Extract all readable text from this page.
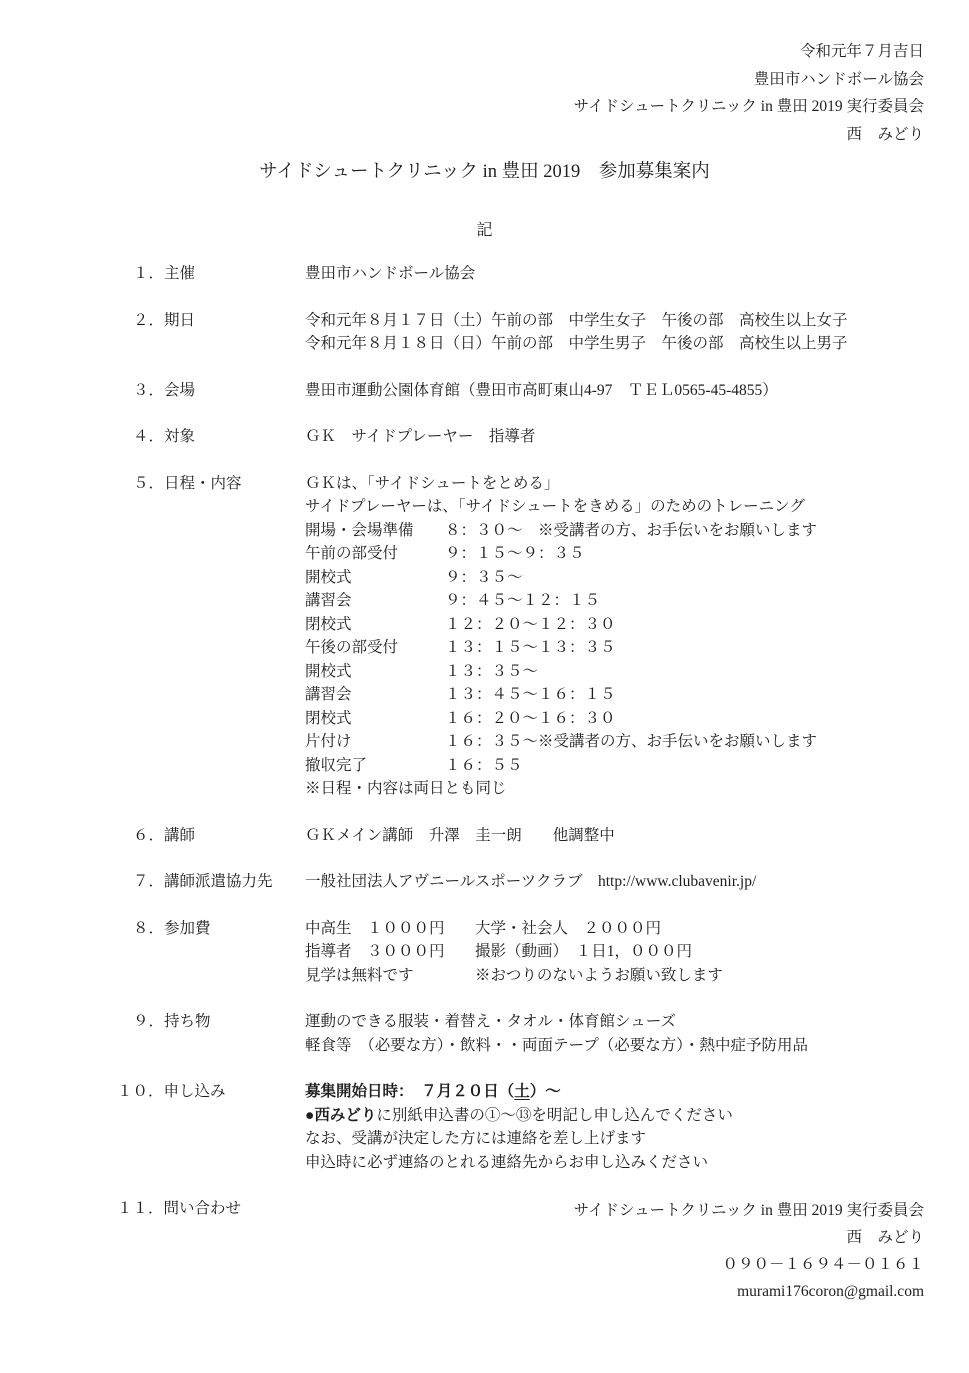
令和元年７月吉日
豊田市ハンドボール協会
サイドシュートクリニック in 豊田 2019 実行委員会
西　みどり
サイドシュートクリニック in 豊田 2019　参加募集案内
記
１．主催	豊田市ハンドボール協会
２．期日	令和元年８月１７日（土）午前の部　中学生女子　午後の部　高校生以上女子
令和元年８月１８日（日）午前の部　中学生男子　午後の部　高校生以上男子
３．会場	豊田市運動公園体育館（豊田市高町東山4-97　ＴＥＬ0565-45-4855）
４．対象	ＧＫ　サイドプレーヤー　指導者
５．日程・内容	ＧＫは、「サイドシュートをとめる」
サイドプレーヤーは、「サイドシュートをきめる」のためのトレーニング
開場・会場準備	８：３０～　※受講者の方、お手伝いをお願いします
午前の部受付	９：１５～９：３５
開校式	９：３５～
講習会	９：４５～１２：１５
閉校式	１２：２０～１２：３０
午後の部受付	１３：１５～１３：３５
開校式	１３：３５～
講習会	１３：４５～１６：１５
閉校式	１６：２０～１６：３０
片付け	１６：３５～※受講者の方、お手伝いをお願いします
撤収完了	１６：５５
※日程・内容は両日とも同じ
６．講師	ＧＫメイン講師　升澤　圭一朗　　他調整中
７．講師派遣協力先	一般社団法人アヴニールスポーツクラブ　 http://www.clubavenir.jp/
８．参加費	中高生　１０００円	大学・社会人　２０００円
指導者　３０００円	撮影（動画）　１日1，０００円
見学は無料です	※おつりのないようお願い致します
９．持ち物	運動のできる服装・着替え・タオル・体育館シューズ
軽食等　（必要な方）・飲料・・両面テープ（必要な方）・熱中症予防用品
１０．申し込み	募集開始日時：　７月２０日（土）～
●西みどりに別紙申込書の①～⑬を明記し申し込んでください
なお、受講が決定した方には連絡を差し上げます
申込時に必ず連絡のとれる連絡先からお申し込みください
１１．問い合わせ	サイドシュートクリニック in 豊田 2019 実行委員会
西　みどり
０９０－１６９４－０１６１
murami176coron@gmail.com
